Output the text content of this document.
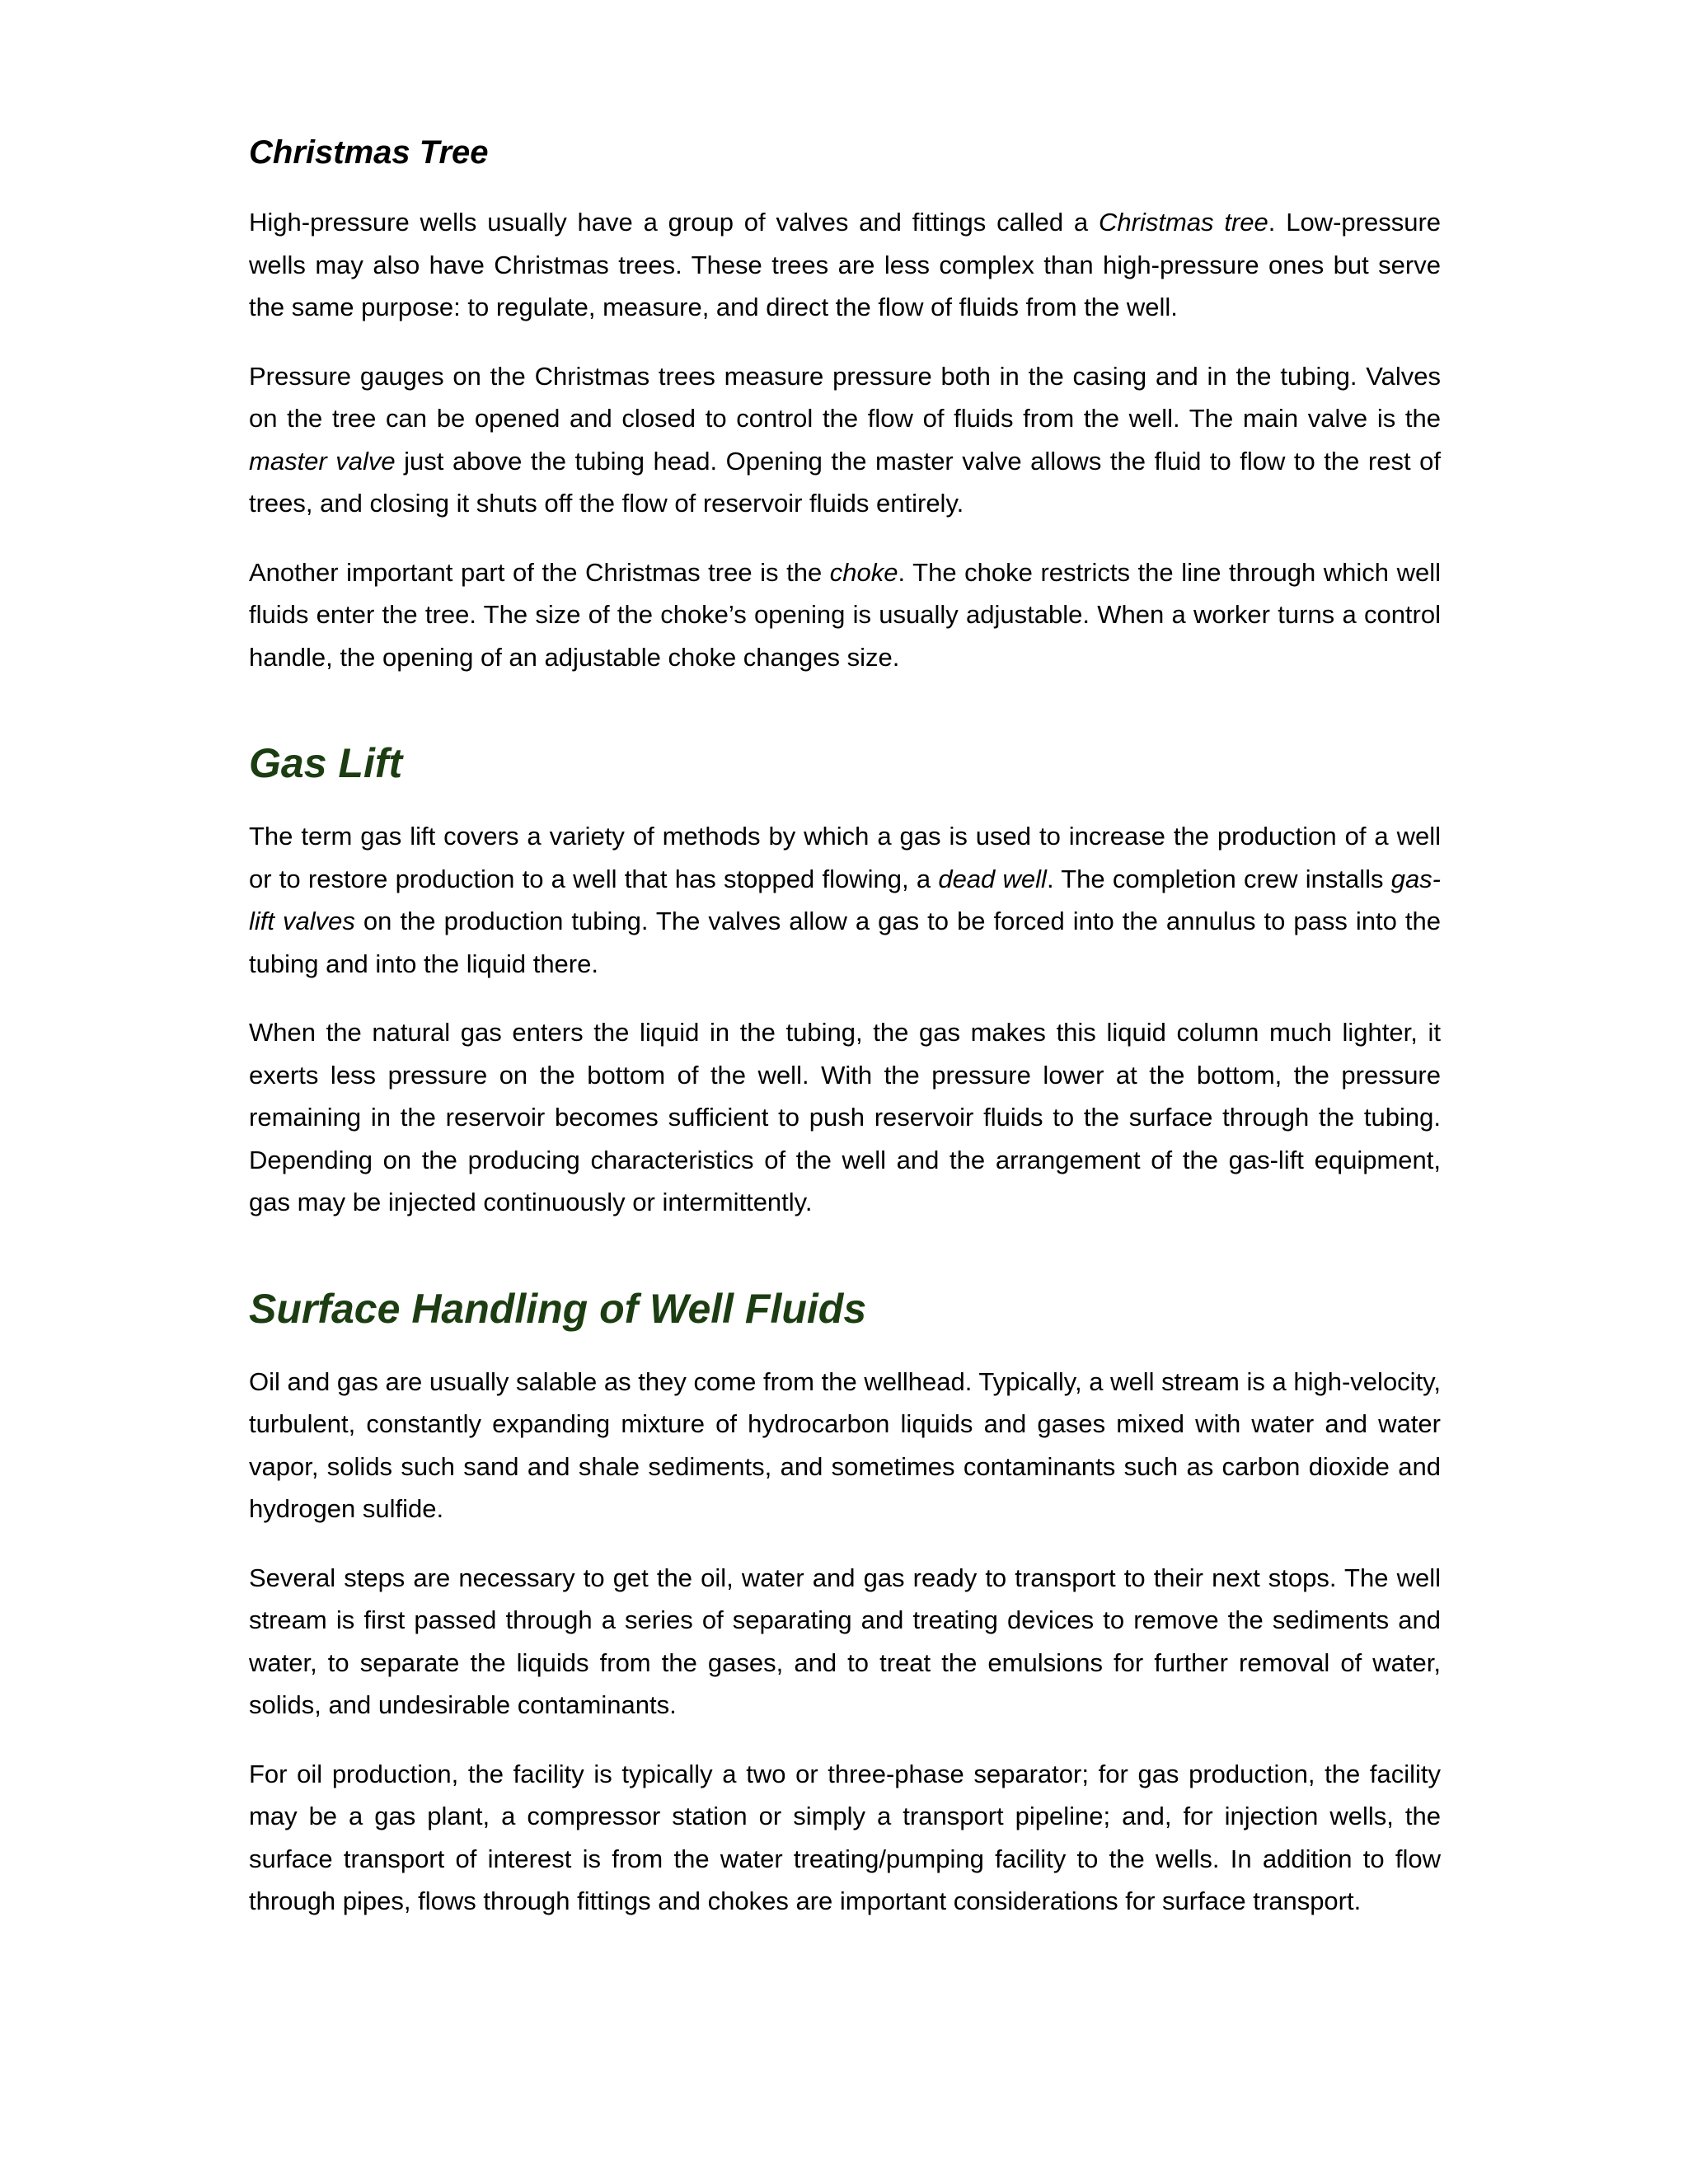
Christmas Tree

High-pressure wells usually have a group of valves and fittings called a Christmas tree. Low-pressure wells may also have Christmas trees. These trees are less complex than high-pressure ones but serve the same purpose: to regulate, measure, and direct the flow of fluids from the well.

Pressure gauges on the Christmas trees measure pressure both in the casing and in the tubing. Valves on the tree can be opened and closed to control the flow of fluids from the well. The main valve is the master valve just above the tubing head. Opening the master valve allows the fluid to flow to the rest of trees, and closing it shuts off the flow of reservoir fluids entirely.

Another important part of the Christmas tree is the choke. The choke restricts the line through which well fluids enter the tree. The size of the choke’s opening is usually adjustable. When a worker turns a control handle, the opening of an adjustable choke changes size.

Gas Lift

The term gas lift covers a variety of methods by which a gas is used to increase the production of a well or to restore production to a well that has stopped flowing, a dead well. The completion crew installs gas-lift valves on the production tubing. The valves allow a gas to be forced into the annulus to pass into the tubing and into the liquid there.

When the natural gas enters the liquid in the tubing, the gas makes this liquid column much lighter, it exerts less pressure on the bottom of the well. With the pressure lower at the bottom, the pressure remaining in the reservoir becomes sufficient to push reservoir fluids to the surface through the tubing. Depending on the producing characteristics of the well and the arrangement of the gas-lift equipment, gas may be injected continuously or intermittently.

Surface Handling of Well Fluids

Oil and gas are usually salable as they come from the wellhead. Typically, a well stream is a high-velocity, turbulent, constantly expanding mixture of hydrocarbon liquids and gases mixed with water and water vapor, solids such sand and shale sediments, and sometimes contaminants such as carbon dioxide and hydrogen sulfide.

Several steps are necessary to get the oil, water and gas ready to transport to their next stops. The well stream is first passed through a series of separating and treating devices to remove the sediments and water, to separate the liquids from the gases, and to treat the emulsions for further removal of water, solids, and undesirable contaminants.

For oil production, the facility is typically a two or three-phase separator; for gas production, the facility may be a gas plant, a compressor station or simply a transport pipeline; and, for injection wells, the surface transport of interest is from the water treating/pumping facility to the wells. In addition to flow through pipes, flows through fittings and chokes are important considerations for surface transport.
